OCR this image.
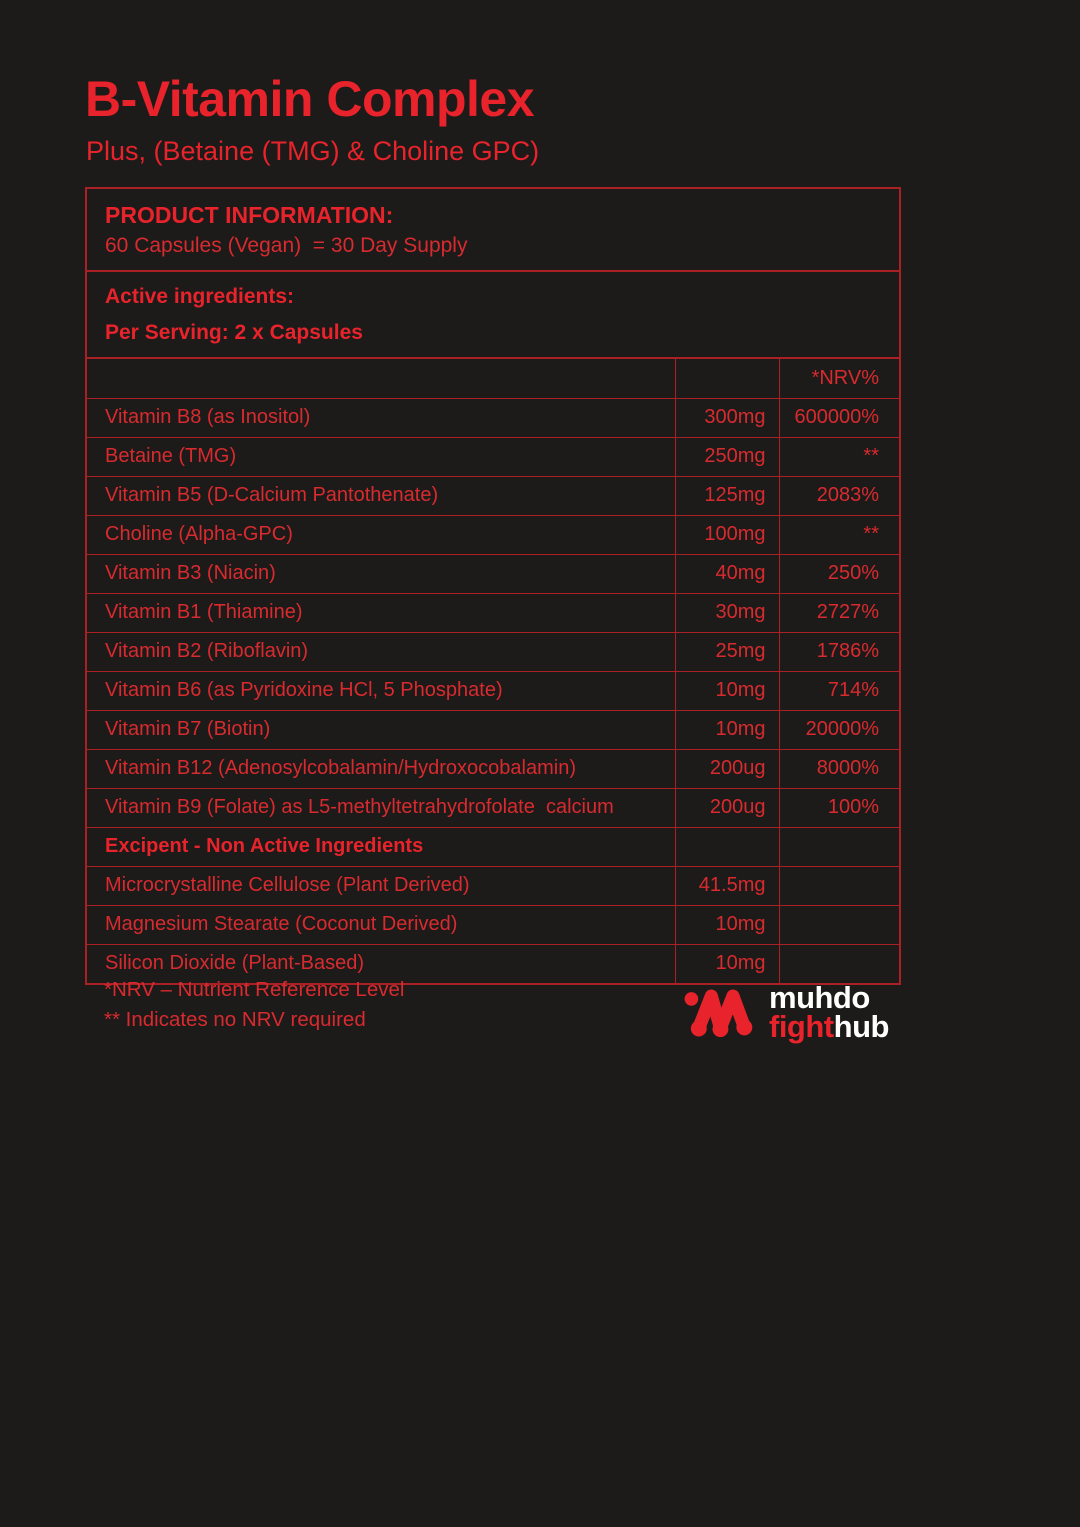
B-Vitamin Complex
Plus, (Betaine (TMG) & Choline GPC)
PRODUCT INFORMATION:
60 Capsules (Vegan)  = 30 Day Supply
Active ingredients:
Per Serving: 2 x Capsules
		*NRV%
Vitamin B8 (as Inositol)	300mg	600000%
Betaine (TMG)	250mg	**
Vitamin B5 (D-Calcium Pantothenate)	125mg	2083%
Choline (Alpha-GPC)	100mg	**
Vitamin B3 (Niacin)	40mg	250%
Vitamin B1 (Thiamine)	30mg	2727%
Vitamin B2 (Riboflavin)	25mg	1786%
Vitamin B6 (as Pyridoxine HCl, 5 Phosphate)	10mg	714%
Vitamin B7 (Biotin)	10mg	20000%
Vitamin B12 (Adenosylcobalamin/Hydroxocobalamin)	200ug	8000%
Vitamin B9 (Folate) as L5-methyltetrahydrofolate  calcium	200ug	100%
Excipent - Non Active Ingredients		
Microcrystalline Cellulose (Plant Derived)	41.5mg	
Magnesium Stearate (Coconut Derived)	10mg	
Silicon Dioxide (Plant-Based)	10mg	
*NRV – Nutrient Reference Level
** Indicates no NRV required
muhdo
fighthub
